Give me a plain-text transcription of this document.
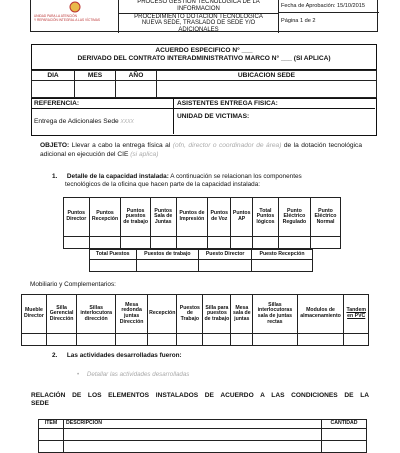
UNIDAD PARA LA ATENCIÓN
Y REPARACIÓN INTEGRAL A LAS VÍCTIMAS
PROCESO GESTION TECNOLOGICA DE LA
INFORMACION
PROCEDIMIENTO DOTACION TECNOLOGICA
NUEVA SEDE, TRASLADO DE SEDE Y/O
ADICIONALES
Fecha de Aprobación: 15/10/2015
Página 1 de 2
ACUERDO ESPECIFICO N° ___
DERIVADO DEL CONTRATO INTERADMINISTRATIVO MARCO N° ___ (SI APLICA)
DIA	MES	AÑO	UBICACION SEDE

REFERENCIA:	ASISTENTES ENTREGA FISICA:
Entrega de Adicionales Sede XXXX
UNIDAD DE VICTIMAS:
OBJETO: Llevar a cabo la entrega física al (ofn, director o coordinador de área) de la dotación tecnológica adicional en ejecución del CIE (si aplica)
1. Detalle de la capacidad instalada: A continuación se relacionan los componentes
tecnológicos de la oficina que hacen parte de la capacidad instalada:
Puntos Director	Puntos Recepción	Puntos puestos de trabajo	Puntos Sala de Juntas	Puntos de Impresión	Puntos de Voz	Puntos AP	Total Puntos lógicos	Punto Eléctrico Regulado	Punto Eléctrico Normal

Total Puestos	Puestos de trabajo	Puesto Director	Puesto Recepción

Mobiliario y Complementarios:
Mueble Director	Silla Gerencial Dirección	Sillas interlocutora dirección	Mesa redonda juntas Dirección	Recepción	Puestos de Trabajo	Silla para puestos de trabajo	Mesa sala de juntas	Sillas interlocutoras sala de juntas rectas	Modulos de almacenamiento	Tandem en PVC

2. Las actividades desarrolladas fueron:
• Detallar las actividades desarrolladas
RELACIÓN DE LOS ELEMENTOS INSTALADOS DE ACUERDO A LAS CONDICIONES DE LA
SEDE
ITEM	DESCRIPCION	CANTIDAD
